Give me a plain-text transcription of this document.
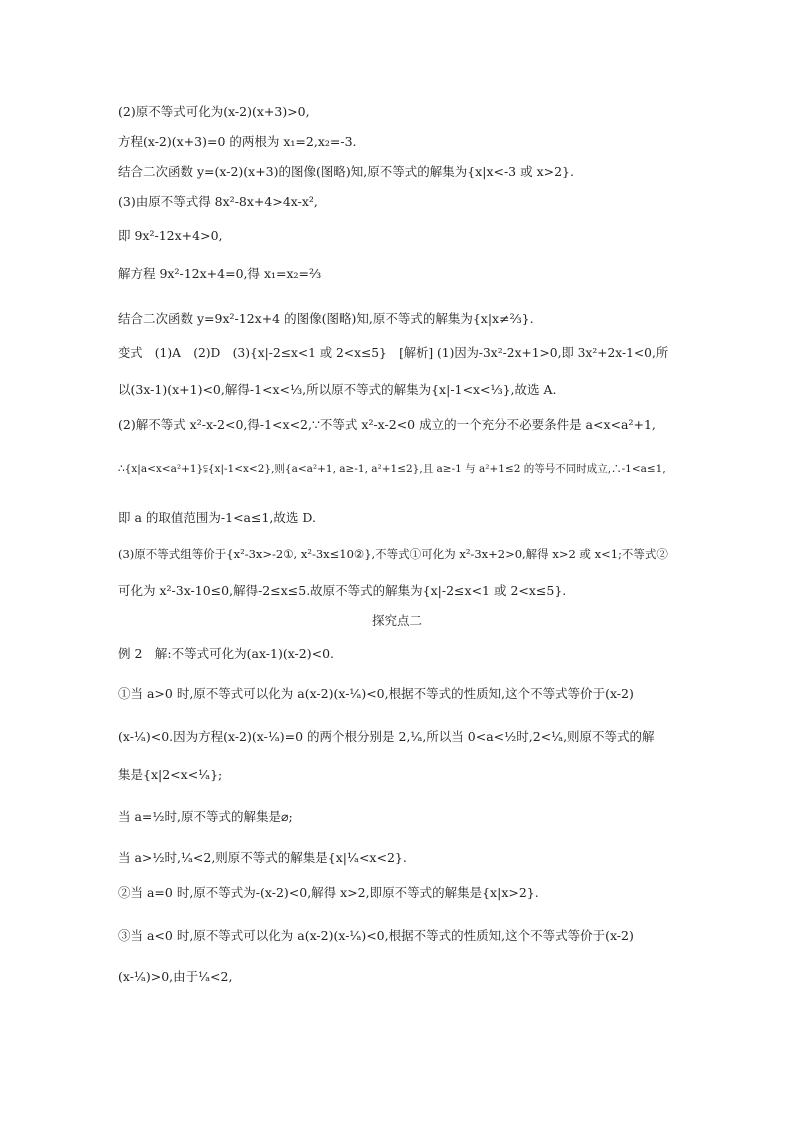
(2)原不等式可化为(x-2)(x+3)>0,
方程(x-2)(x+3)=0 的两根为 x₁=2,x₂=-3.
结合二次函数 y=(x-2)(x+3)的图像(图略)知,原不等式的解集为{x|x<-3 或 x>2}.
(3)由原不等式得 8x²-8x+4>4x-x²,
即 9x²-12x+4>0,
解方程 9x²-12x+4=0,得 x₁=x₂=²⁄₃
结合二次函数 y=9x²-12x+4 的图像(图略)知,原不等式的解集为{x|x≠²⁄₃}.
变式　(1)A　(2)D　(3){x|-2≤x<1 或 2<x≤5}　[解析] (1)因为-3x²-2x+1>0,即 3x²+2x-1<0,所
以(3x-1)(x+1)<0,解得-1<x<¹⁄₃,所以原不等式的解集为{x|-1<x<¹⁄₃},故选 A.
(2)解不等式 x²-x-2<0,得-1<x<2,∵不等式 x²-x-2<0 成立的一个充分不必要条件是 a<x<a²+1,
∴{x|a<x<a²+1}⫋{x|-1<x<2},则{a<a²+1, a≥-1, a²+1≤2},且 a≥-1 与 a²+1≤2 的等号不同时成立,∴-1<a≤1,
即 a 的取值范围为-1<a≤1,故选 D.
(3)原不等式组等价于{x²-3x>-2①, x²-3x≤10②},不等式①可化为 x²-3x+2>0,解得 x>2 或 x<1;不等式②
可化为 x²-3x-10≤0,解得-2≤x≤5.故原不等式的解集为{x|-2≤x<1 或 2<x≤5}.
探究点二
例 2　解:不等式可化为(ax-1)(x-2)<0.
①当 a>0 时,原不等式可以化为 a(x-2)(x-¹⁄ₐ)<0,根据不等式的性质知,这个不等式等价于(x-2)
(x-¹⁄ₐ)<0.因为方程(x-2)(x-¹⁄ₐ)=0 的两个根分别是 2,¹⁄ₐ,所以当 0<a<½时,2<¹⁄ₐ,则原不等式的解
集是{x|2<x<¹⁄ₐ};
当 a=½时,原不等式的解集是⌀;
当 a>½时,¹⁄ₐ<2,则原不等式的解集是{x|¹⁄ₐ<x<2}.
②当 a=0 时,原不等式为-(x-2)<0,解得 x>2,即原不等式的解集是{x|x>2}.
③当 a<0 时,原不等式可以化为 a(x-2)(x-¹⁄ₐ)<0,根据不等式的性质知,这个不等式等价于(x-2)
(x-¹⁄ₐ)>0,由于¹⁄ₐ<2,
